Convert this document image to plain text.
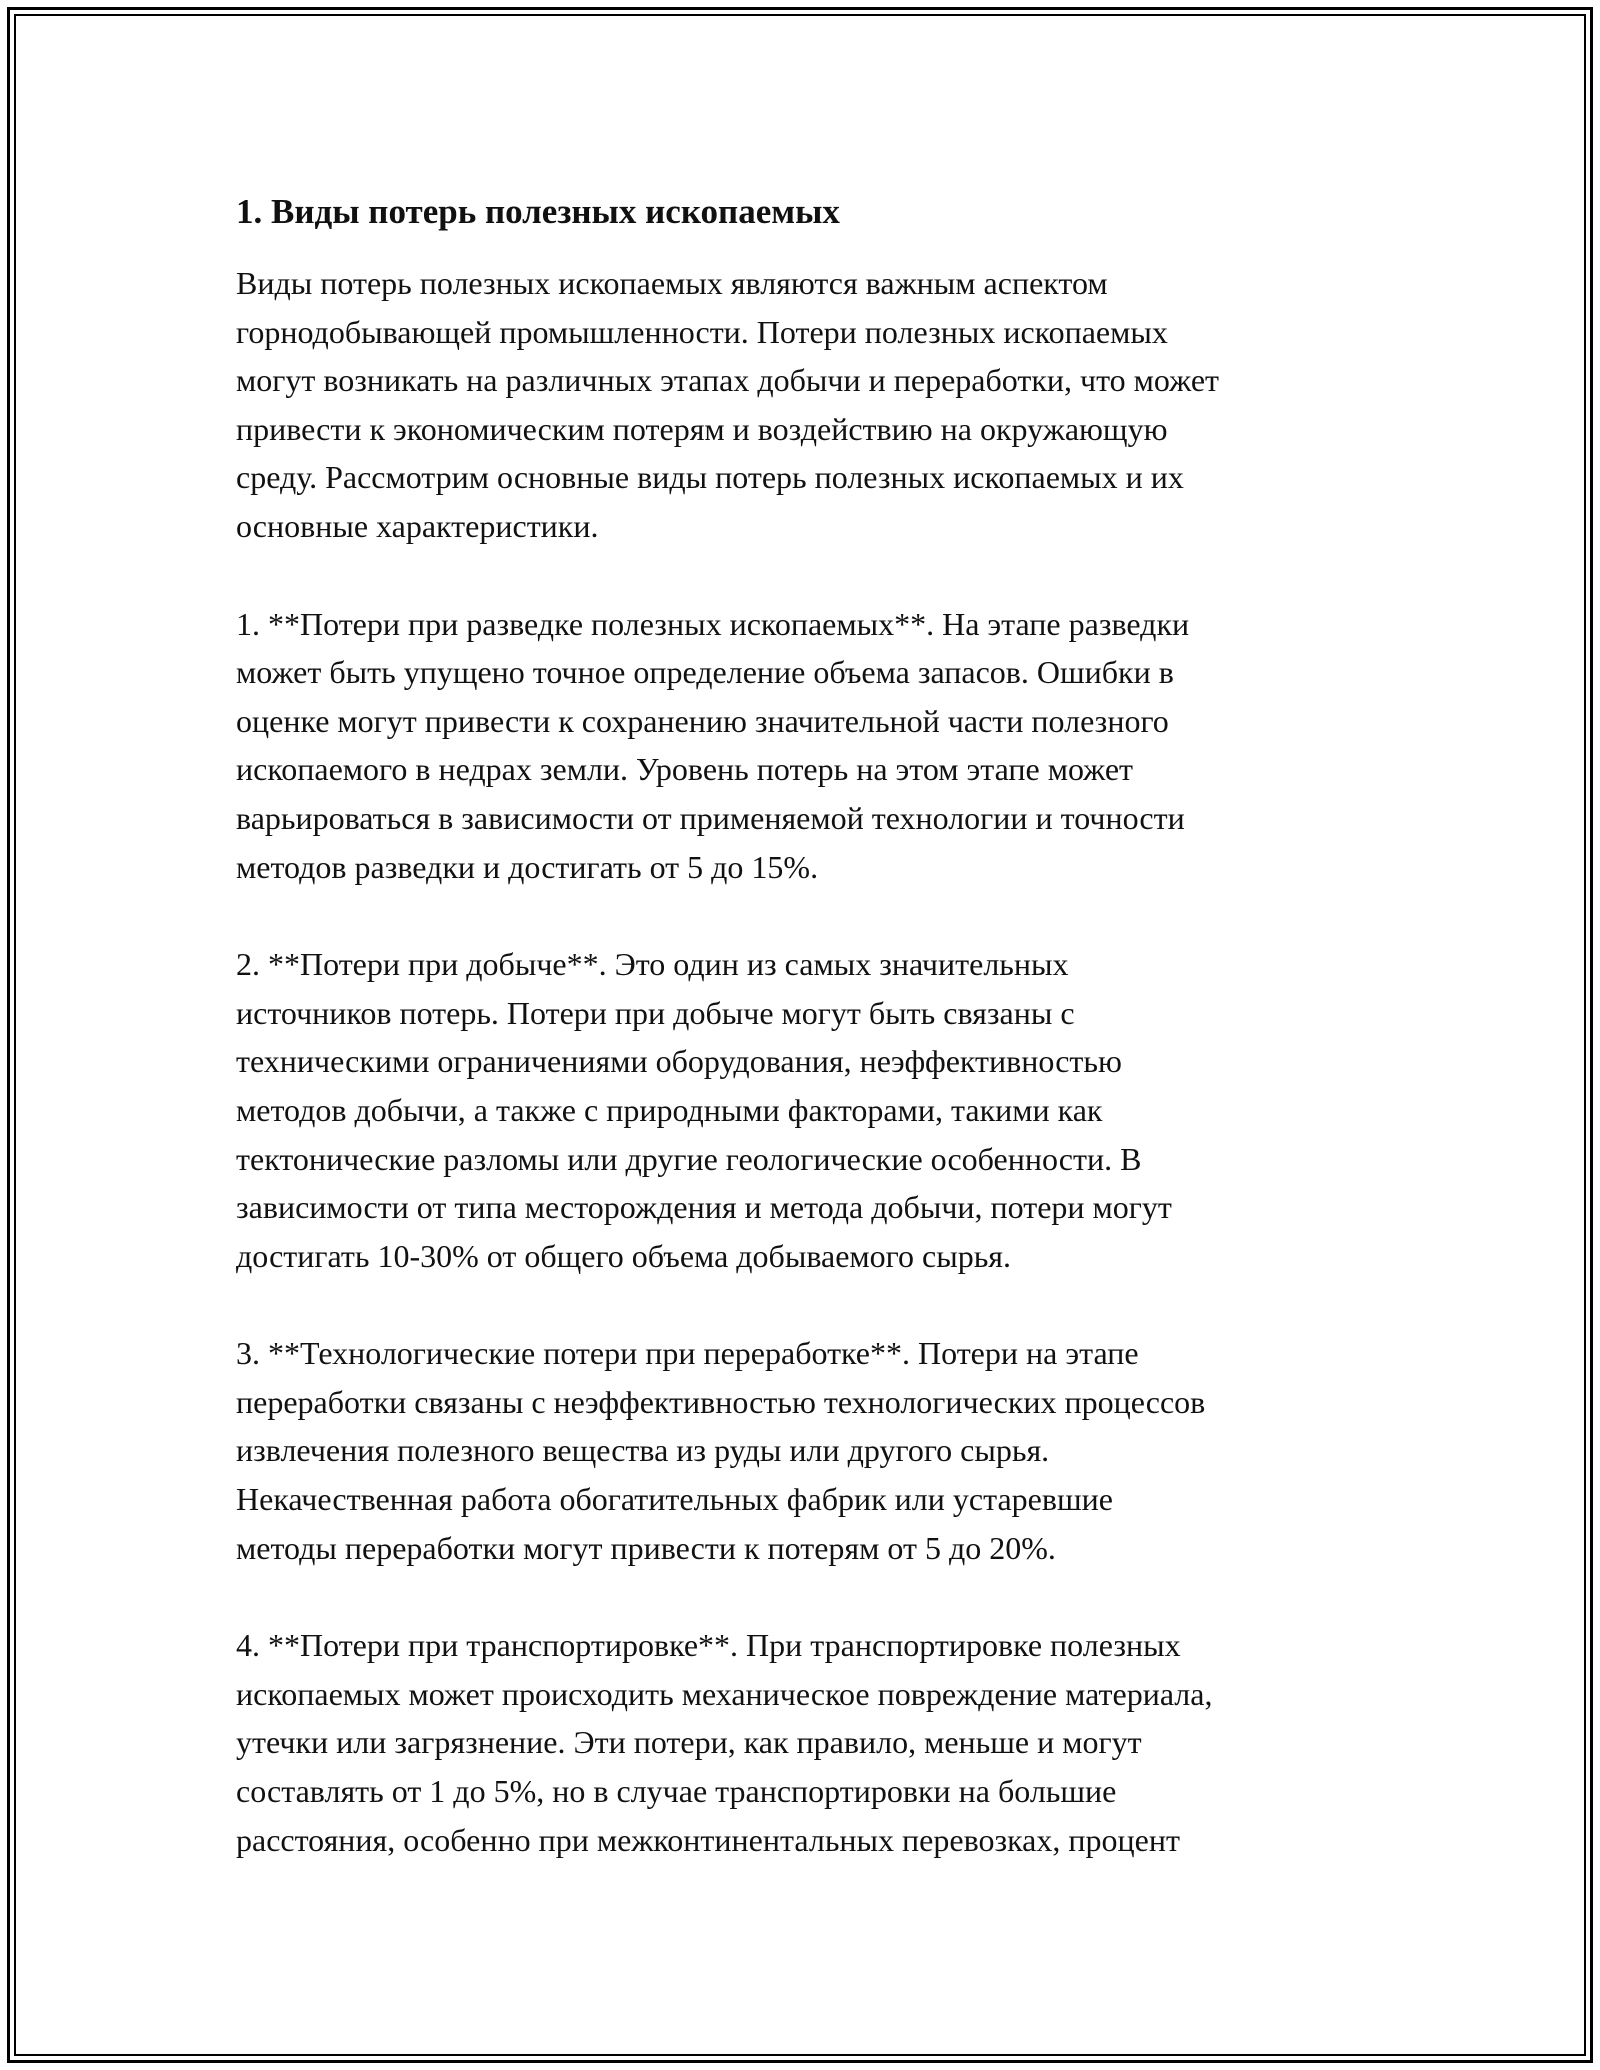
1. Виды потерь полезных ископаемых

Виды потерь полезных ископаемых являются важным аспектом
горнодобывающей промышленности. Потери полезных ископаемых
могут возникать на различных этапах добычи и переработки, что может
привести к экономическим потерям и воздействию на окружающую
среду. Рассмотрим основные виды потерь полезных ископаемых и их
основные характеристики.

1. **Потери при разведке полезных ископаемых**. На этапе разведки
может быть упущено точное определение объема запасов. Ошибки в
оценке могут привести к сохранению значительной части полезного
ископаемого в недрах земли. Уровень потерь на этом этапе может
варьироваться в зависимости от применяемой технологии и точности
методов разведки и достигать от 5 до 15%.

2. **Потери при добыче**. Это один из самых значительных
источников потерь. Потери при добыче могут быть связаны с
техническими ограничениями оборудования, неэффективностью
методов добычи, а также с природными факторами, такими как
тектонические разломы или другие геологические особенности. В
зависимости от типа месторождения и метода добычи, потери могут
достигать 10-30% от общего объема добываемого сырья.

3. **Технологические потери при переработке**. Потери на этапе
переработки связаны с неэффективностью технологических процессов
извлечения полезного вещества из руды или другого сырья.
Некачественная работа обогатительных фабрик или устаревшие
методы переработки могут привести к потерям от 5 до 20%.

4. **Потери при транспортировке**. При транспортировке полезных
ископаемых может происходить механическое повреждение материала,
утечки или загрязнение. Эти потери, как правило, меньше и могут
составлять от 1 до 5%, но в случае транспортировки на большие
расстояния, особенно при межконтинентальных перевозках, процент
